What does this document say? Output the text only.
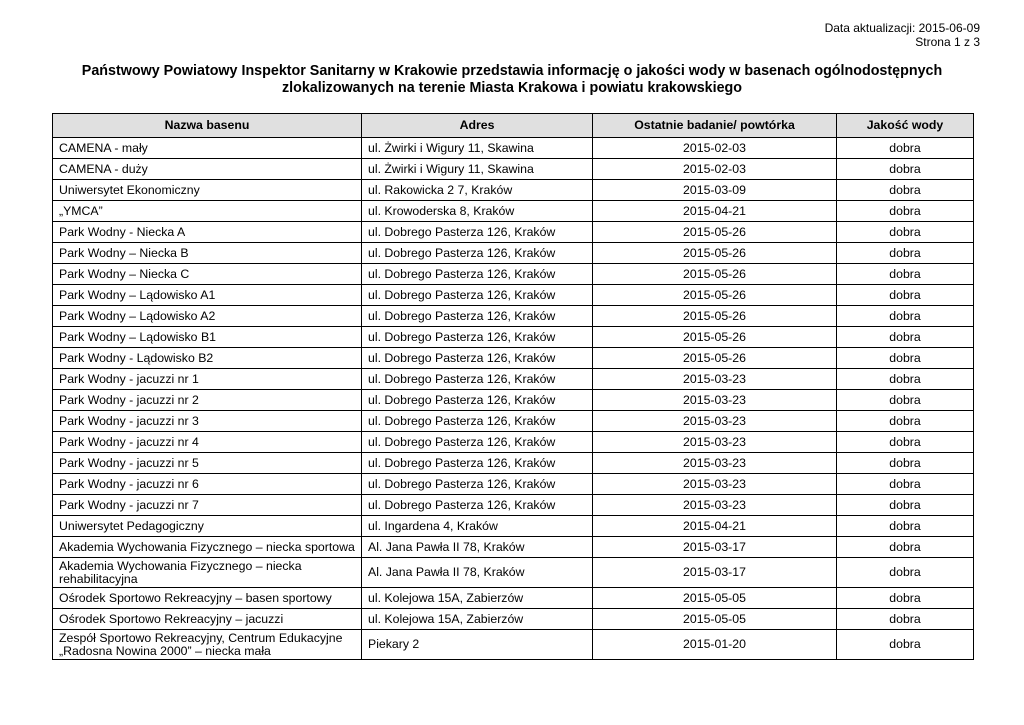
Data aktualizacji: 2015-06-09
Strona 1 z 3
Państwowy Powiatowy Inspektor Sanitarny w Krakowie przedstawia informację o jakości wody w basenach ogólnodostępnych zlokalizowanych na terenie Miasta Krakowa i powiatu krakowskiego
Nazwa basenu	Adres	Ostatnie badanie/ powtórka	Jakość wody
CAMENA - mały	ul. Żwirki i Wigury 11, Skawina	2015-02-03	dobra
CAMENA - duży	ul. Żwirki i Wigury 11, Skawina	2015-02-03	dobra
Uniwersytet Ekonomiczny	ul. Rakowicka 2 7, Kraków	2015-03-09	dobra
„YMCA”	ul. Krowoderska 8, Kraków	2015-04-21	dobra
Park Wodny - Niecka A	ul. Dobrego Pasterza 126, Kraków	2015-05-26	dobra
Park Wodny – Niecka B	ul. Dobrego Pasterza 126, Kraków	2015-05-26	dobra
Park Wodny – Niecka C	ul. Dobrego Pasterza 126, Kraków	2015-05-26	dobra
Park Wodny – Lądowisko A1	ul. Dobrego Pasterza 126, Kraków	2015-05-26	dobra
Park Wodny – Lądowisko A2	ul. Dobrego Pasterza 126, Kraków	2015-05-26	dobra
Park Wodny – Lądowisko B1	ul. Dobrego Pasterza 126, Kraków	2015-05-26	dobra
Park Wodny - Lądowisko B2	ul. Dobrego Pasterza 126, Kraków	2015-05-26	dobra
Park Wodny - jacuzzi nr 1	ul. Dobrego Pasterza 126, Kraków	2015-03-23	dobra
Park Wodny - jacuzzi nr 2	ul. Dobrego Pasterza 126, Kraków	2015-03-23	dobra
Park Wodny - jacuzzi nr 3	ul. Dobrego Pasterza 126, Kraków	2015-03-23	dobra
Park Wodny - jacuzzi nr 4	ul. Dobrego Pasterza 126, Kraków	2015-03-23	dobra
Park Wodny - jacuzzi nr 5	ul. Dobrego Pasterza 126, Kraków	2015-03-23	dobra
Park Wodny - jacuzzi nr 6	ul. Dobrego Pasterza 126, Kraków	2015-03-23	dobra
Park Wodny - jacuzzi nr 7	ul. Dobrego Pasterza 126, Kraków	2015-03-23	dobra
Uniwersytet Pedagogiczny	ul. Ingardena 4, Kraków	2015-04-21	dobra
Akademia Wychowania Fizycznego – niecka sportowa	Al. Jana Pawła II 78, Kraków	2015-03-17	dobra
Akademia Wychowania Fizycznego – niecka rehabilitacyjna	Al. Jana Pawła II 78, Kraków	2015-03-17	dobra
Ośrodek Sportowo Rekreacyjny – basen sportowy	ul. Kolejowa 15A, Zabierzów	2015-05-05	dobra
Ośrodek Sportowo Rekreacyjny – jacuzzi	ul. Kolejowa 15A, Zabierzów	2015-05-05	dobra
Zespół Sportowo Rekreacyjny, Centrum Edukacyjne „Radosna Nowina 2000” – niecka mała	Piekary 2	2015-01-20	dobra
